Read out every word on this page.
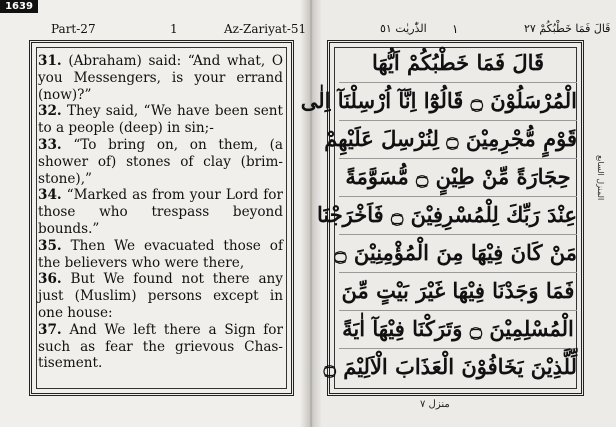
1639
Part-27	1	Az-Zariyat-51

31. (Abraham) said: “And what, O you Messengers, is your errand (now)?”

32. They said, “We have been sent to a people (deep) in sin;-

33. “To bring on, on them, (a shower of) stones of clay (brim-stone),”

34. “Marked as from your Lord for those who trespass beyond bounds.”

35. Then We evacuated those of the believers who were there,

36. But We found not there any just (Muslim) persons except in one house:

37. And We left there a Sign for such as fear the grievous Chas-tisement.

الذّٰريٰت ٥١ ١	قَالَ فَمَا خَطْبُكُمْ ٢٧
قَالَ فَمَا خَطْبُكُمْ اَيُّهَا
الْمُرْسَلُوْنَ ۝ قَالُوْٓا اِنَّآ اُرْسِلْنَآ اِلٰى
قَوْمٍ مُّجْرِمِيْنَ ۝ لِنُرْسِلَ عَلَيْهِمْ
حِجَارَةً مِّنْ طِيْنٍ ۝ مُّسَوَّمَةً
عِنْدَ رَبِّكَ لِلْمُسْرِفِيْنَ ۝ فَاَخْرَجْنَا
مَنْ كَانَ فِيْهَا مِنَ الْمُؤْمِنِيْنَ ۝
فَمَا وَجَدْنَا فِيْهَا غَيْرَ بَيْتٍ مِّنَ
الْمُسْلِمِيْنَ ۝ وَتَرَكْنَا فِيْهَآ اٰيَةً
لِّلَّذِيْنَ يَخَافُوْنَ الْعَذَابَ الْاَلِيْمَ ۝
المنزل السابع
منزل ٧
